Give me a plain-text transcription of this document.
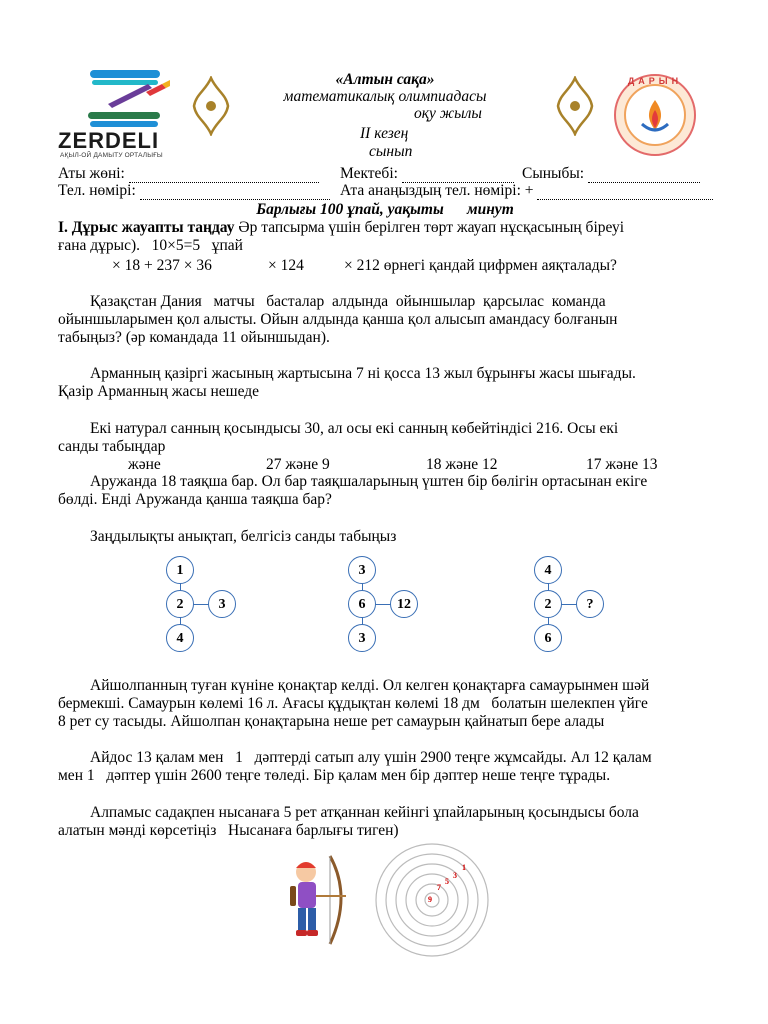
ZERDELI
АҚЫЛ-ОЙ ДАМЫТУ ОРТАЛЫҒЫ
ДАРЫН
«Алтын сақа»
математикалық олимпиадасы
оқу жылы
ІІ кезең
сынып
Аты жөні:	Мектебі:	Сыныбы:
Тел. нөмірі:	Ата анаңыздың тел. нөмірі: +
Барлығы 100 ұпай, уақыты      минут
І. Дұрыс жауапты таңдау Әр тапсырма үшін берілген төрт жауап нұсқасының біреуі
ғана дұрыс).   10×5=5   ұпай
× 18 + 237 × 36	× 124	× 212 өрнегі қандай цифрмен аяқталады?
Қазақстан Дания   матчы   басталар  алдында  ойыншылар  қарсылас  команда
ойыншыларымен қол алысты. Ойын алдында қанша қол алысып амандасу болғанын
табыңыз? (әр командада 11 ойыншыдан).
Арманның қазіргі жасының жартысына 7 ні қосса 13 жыл бұрынғы жасы шығады.
Қазір Арманның жасы нешеде
Екі натурал санның қосындысы 30, ал осы екі санның көбейтіндісі 216. Осы екі
санды табыңдар
және	27 және 9	18 және 12	17 және 13
Аружанда 18 таяқша бар. Ол бар таяқшаларының үштен бір бөлігін ортасынан екіге
бөлді. Енді Аружанда қанша таяқша бар?
Заңдылықты анықтап, белгісіз санды табыңыз
1
2	3
4
3
6	12
3
4
2	?
6
Айшолпанның туған күніне қонақтар келді. Ол келген қонақтарға самаурынмен шәй
бермекші. Самаурын көлемі 16 л. Ағасы құдықтан көлемі 18 дм   болатын шелекпен үйге
8 рет су тасыды. Айшолпан қонақтарына неше рет самаурын қайнатып бере алады
Айдос 13 қалам мен   1   дәптерді сатып алу үшін 2900 теңге жұмсайды. Ал 12 қалам
мен 1   дәптер үшін 2600 теңге төледі. Бір қалам мен бір дәптер неше теңге тұрады.
Алпамыс садақпен нысанаға 5 рет атқаннан кейінгі ұпайларының қосындысы бола
алатын мәнді көрсетіңіз   Нысанаға барлығы тиген)
9
7
5
3
1
